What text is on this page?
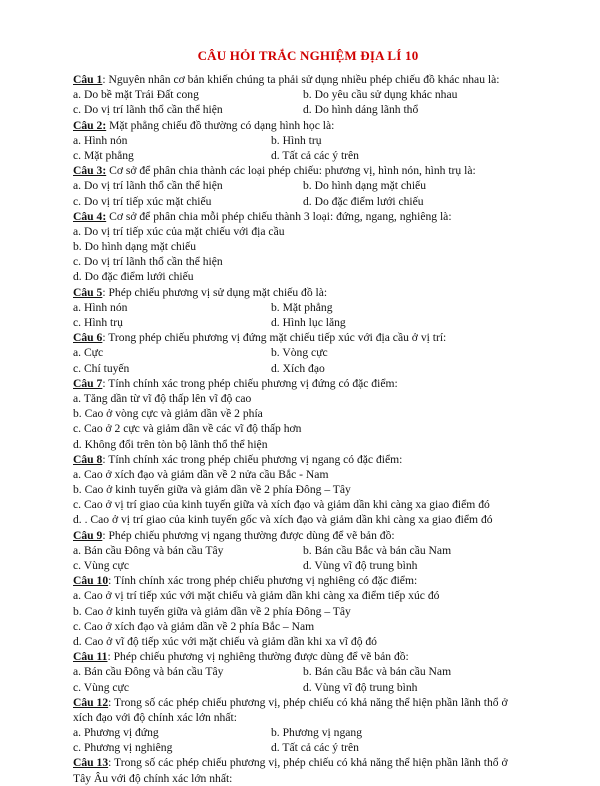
CÂU HỎI TRẮC NGHIỆM ĐỊA LÍ 10
Câu 1: Nguyên nhân cơ bản khiến chúng ta phải sử dụng nhiều phép chiếu đồ khác nhau là:
a. Do bề mặt Trái Đất cong	b. Do yêu cầu sử dụng khác nhau
c. Do vị trí lãnh thổ cần thể hiện	d. Do hình dáng lãnh thổ
Câu 2: Mặt phẳng chiếu đồ thường có dạng hình học là:
a. Hình nón	b. Hình trụ
c. Mặt phẳng	d. Tất cả các ý trên
Câu 3: Cơ sở để phân chia thành các loại phép chiếu: phương vị, hình nón, hình trụ là:
a. Do vị trí lãnh thổ cần thể hiện	b. Do hình dạng mặt chiếu
c. Do vị trí tiếp xúc mặt chiếu	d. Do đặc điểm lưới chiếu
Câu 4: Cơ sở để phân chia mỗi phép chiếu thành 3 loại: đứng, ngang, nghiêng là:
a. Do vị trí tiếp xúc của mặt chiếu với địa cầu
b. Do hình dạng mặt chiếu
c. Do vị trí lãnh thổ cần thể hiện
d. Do đặc điểm lưới chiếu
Câu 5: Phép chiếu phương vị sử dụng mặt chiếu đồ là:
a. Hình nón	b. Mặt phẳng
c. Hình trụ	d. Hình lục lăng
Câu 6: Trong phép chiếu phương vị đứng mặt chiếu tiếp xúc với địa cầu ở vị trí:
a. Cực	b. Vòng cực
c. Chí tuyến	d. Xích đạo
Câu 7: Tính chính xác trong phép chiếu phương vị đứng có đặc điểm:
a. Tăng dần từ vĩ độ thấp lên vĩ độ cao
b. Cao ở vòng cực và giảm dần về 2 phía
c. Cao ở 2 cực và giảm dần về các vĩ độ thấp hơn
d. Không đổi trên tòn bộ lãnh thổ thể hiện
Câu 8: Tính chính xác trong phép chiếu phương vị ngang có đặc điểm:
a. Cao ở xích đạo và giảm dần về 2 nửa cầu Bắc - Nam
b. Cao ở kinh tuyến giữa và giảm dần về 2 phía Đông – Tây
c. Cao ở vị trí giao của kinh tuyến giữa và xích đạo và giảm dần khi càng xa giao điểm đó
d. . Cao ở vị trí giao của kinh tuyến gốc và xích đạo và giảm dần khi càng xa giao điểm đó
Câu 9: Phép chiếu phương vị ngang thường được dùng để vẽ bản đồ:
a. Bán cầu Đông và bán cầu Tây	b. Bán cầu Bắc và bán cầu Nam
c. Vùng cực	d. Vùng vĩ độ trung bình
Câu 10: Tính chính xác trong phép chiếu phương vị nghiêng có đặc điểm:
a. Cao ở vị trí tiếp xúc với mặt chiếu và giảm dần khi càng xa điểm tiếp xúc đó
b. Cao ở kinh tuyến giữa và giảm dần về 2 phía Đông – Tây
c. Cao ở xích đạo và giảm dần về 2 phía Bắc – Nam
d. Cao ở vĩ độ tiếp xúc với mặt chiếu và giảm dần khi xa vĩ độ đó
Câu 11: Phép chiếu phương vị nghiêng thường được dùng để vẽ bản đồ:
a. Bán cầu Đông và bán cầu Tây	b. Bán cầu Bắc và bán cầu Nam
c. Vùng cực	d. Vùng vĩ độ trung bình
Câu 12: Trong số các phép chiếu phương vị, phép chiếu có khả năng thể hiện phần lãnh thổ ở
xích đạo với độ chính xác lớn nhất:
a. Phương vị đứng	b. Phương vị ngang
c. Phương vị nghiêng	d. Tất cả các ý trên
Câu 13: Trong số các phép chiếu phương vị, phép chiếu có khả năng thể hiện phần lãnh thổ ở
Tây Âu với độ chính xác lớn nhất:
